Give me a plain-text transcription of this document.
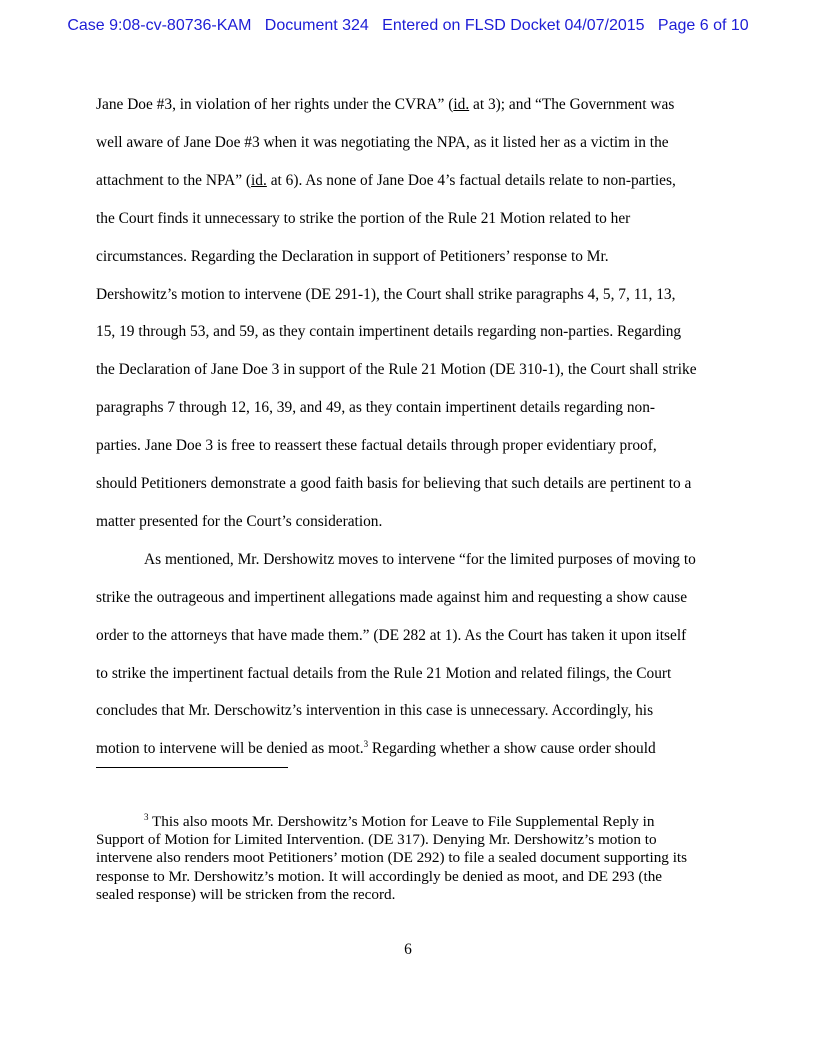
Case 9:08-cv-80736-KAM Document 324 Entered on FLSD Docket 04/07/2015 Page 6 of 10
Jane Doe #3, in violation of her rights under the CVRA” (id. at 3); and “The Government was
well aware of Jane Doe #3 when it was negotiating the NPA, as it listed her as a victim in the
attachment to the NPA” (id. at 6). As none of Jane Doe 4’s factual details relate to non-parties,
the Court finds it unnecessary to strike the portion of the Rule 21 Motion related to her
circumstances. Regarding the Declaration in support of Petitioners’ response to Mr.
Dershowitz’s motion to intervene (DE 291-1), the Court shall strike paragraphs 4, 5, 7, 11, 13,
15, 19 through 53, and 59, as they contain impertinent details regarding non-parties. Regarding
the Declaration of Jane Doe 3 in support of the Rule 21 Motion (DE 310-1), the Court shall strike
paragraphs 7 through 12, 16, 39, and 49, as they contain impertinent details regarding non-
parties. Jane Doe 3 is free to reassert these factual details through proper evidentiary proof,
should Petitioners demonstrate a good faith basis for believing that such details are pertinent to a
matter presented for the Court’s consideration.
As mentioned, Mr. Dershowitz moves to intervene “for the limited purposes of moving to
strike the outrageous and impertinent allegations made against him and requesting a show cause
order to the attorneys that have made them.” (DE 282 at 1). As the Court has taken it upon itself
to strike the impertinent factual details from the Rule 21 Motion and related filings, the Court
concludes that Mr. Derschowitz’s intervention in this case is unnecessary. Accordingly, his
motion to intervene will be denied as moot.$^3$ Regarding whether a show cause order should
$^3$ This also moots Mr. Dershowitz’s Motion for Leave to File Supplemental Reply in
Support of Motion for Limited Intervention. (DE 317). Denying Mr. Dershowitz’s motion to
intervene also renders moot Petitioners’ motion (DE 292) to file a sealed document supporting its
response to Mr. Dershowitz’s motion. It will accordingly be denied as moot, and DE 293 (the
sealed response) will be stricken from the record.
6
